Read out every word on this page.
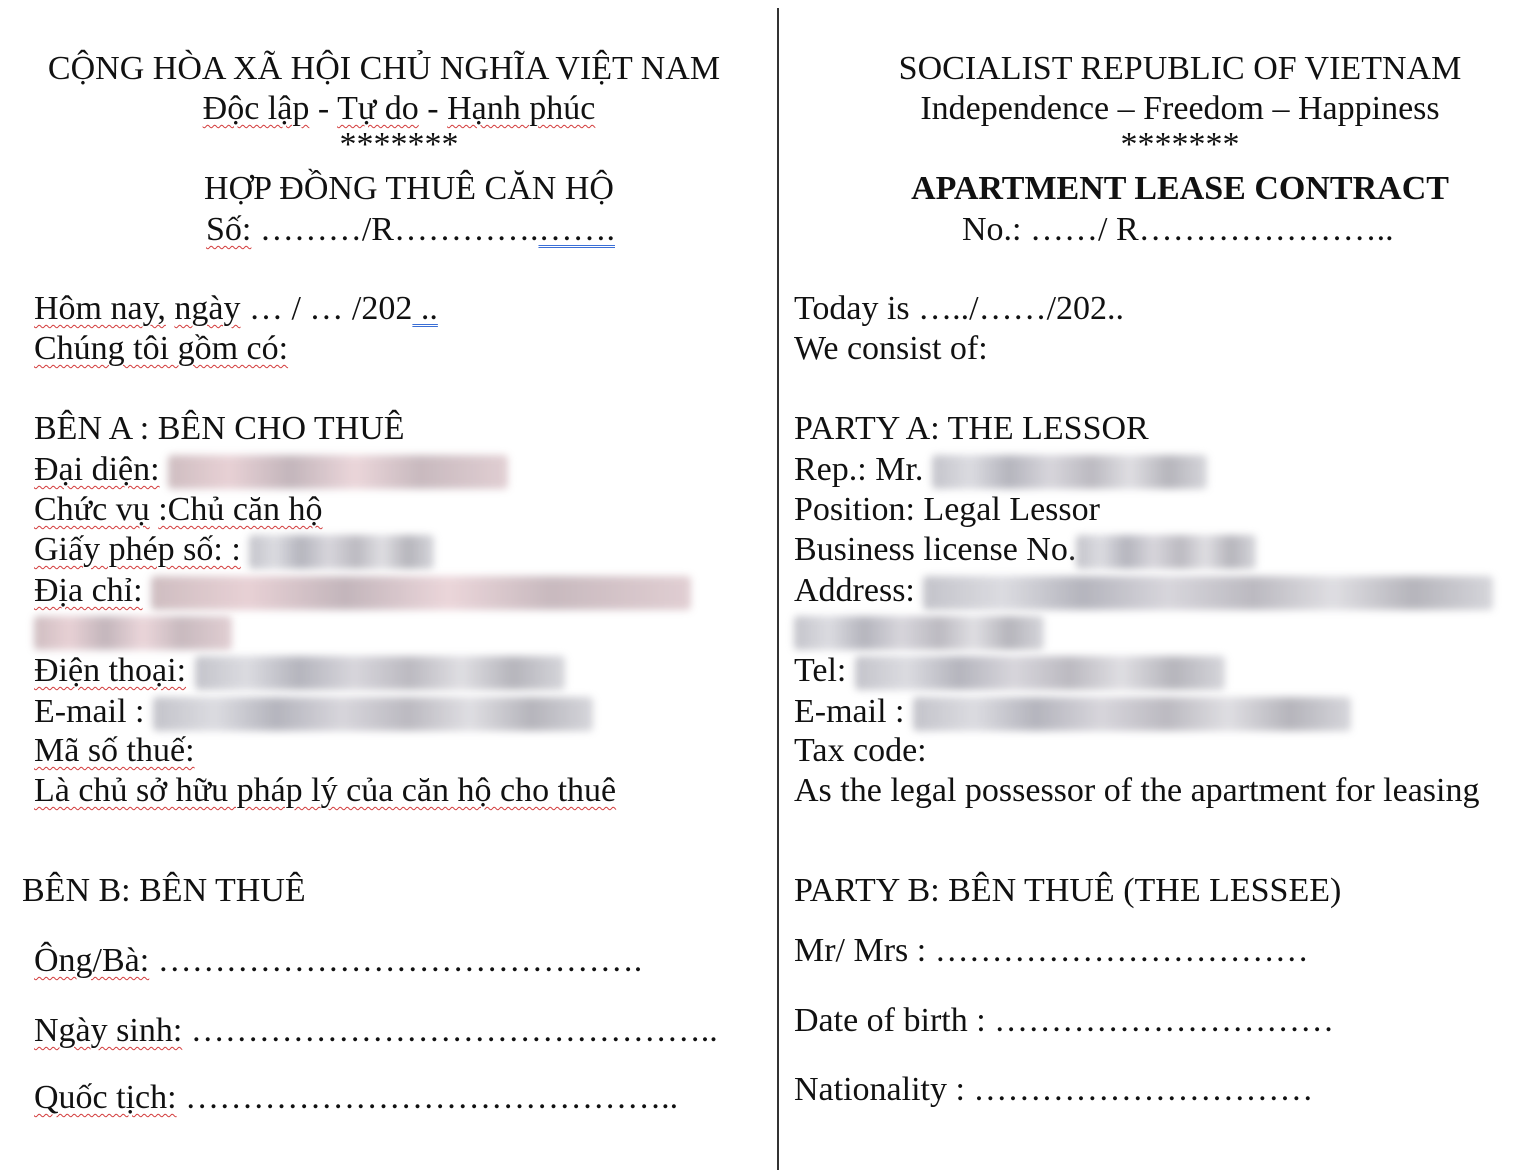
CỘNG HÒA XÃ HỘI CHỦ NGHĨA VIỆT NAM
Độc lập - Tự do - Hạnh phúc
*******
HỢP ĐỒNG THUÊ CĂN HỘ
Số: ………/R………….…….
Hôm nay, ngày … / … /202 ..
Chúng tôi gồm có:
BÊN A : BÊN CHO THUÊ
Đại diện:
Chức vụ :Chủ căn hộ
Giấy phép số: :
Địa chỉ:
Điện thoại:
E-mail :
Mã số thuế:
Là chủ sở hữu pháp lý của căn hộ cho thuê
BÊN B: BÊN THUÊ
Ông/Bà: …………………………………….
Ngày sinh: ………………………………………..
Quốc tịch: ……………………………………..
SOCIALIST REPUBLIC OF VIETNAM
Independence – Freedom – Happiness
*******
APARTMENT LEASE CONTRACT
No.: ……/ R…………………..
Today is …../……/202..
We consist of:
PARTY A: THE LESSOR
Rep.: Mr.
Position: Legal Lessor
Business license No.
Address:
Tel:
E-mail :
Tax code:
As the legal possessor of the apartment for leasing
PARTY B: BÊN THUÊ (THE LESSEE)
Mr/ Mrs : ……………………………
Date of birth : …………………………
Nationality : …………………………
